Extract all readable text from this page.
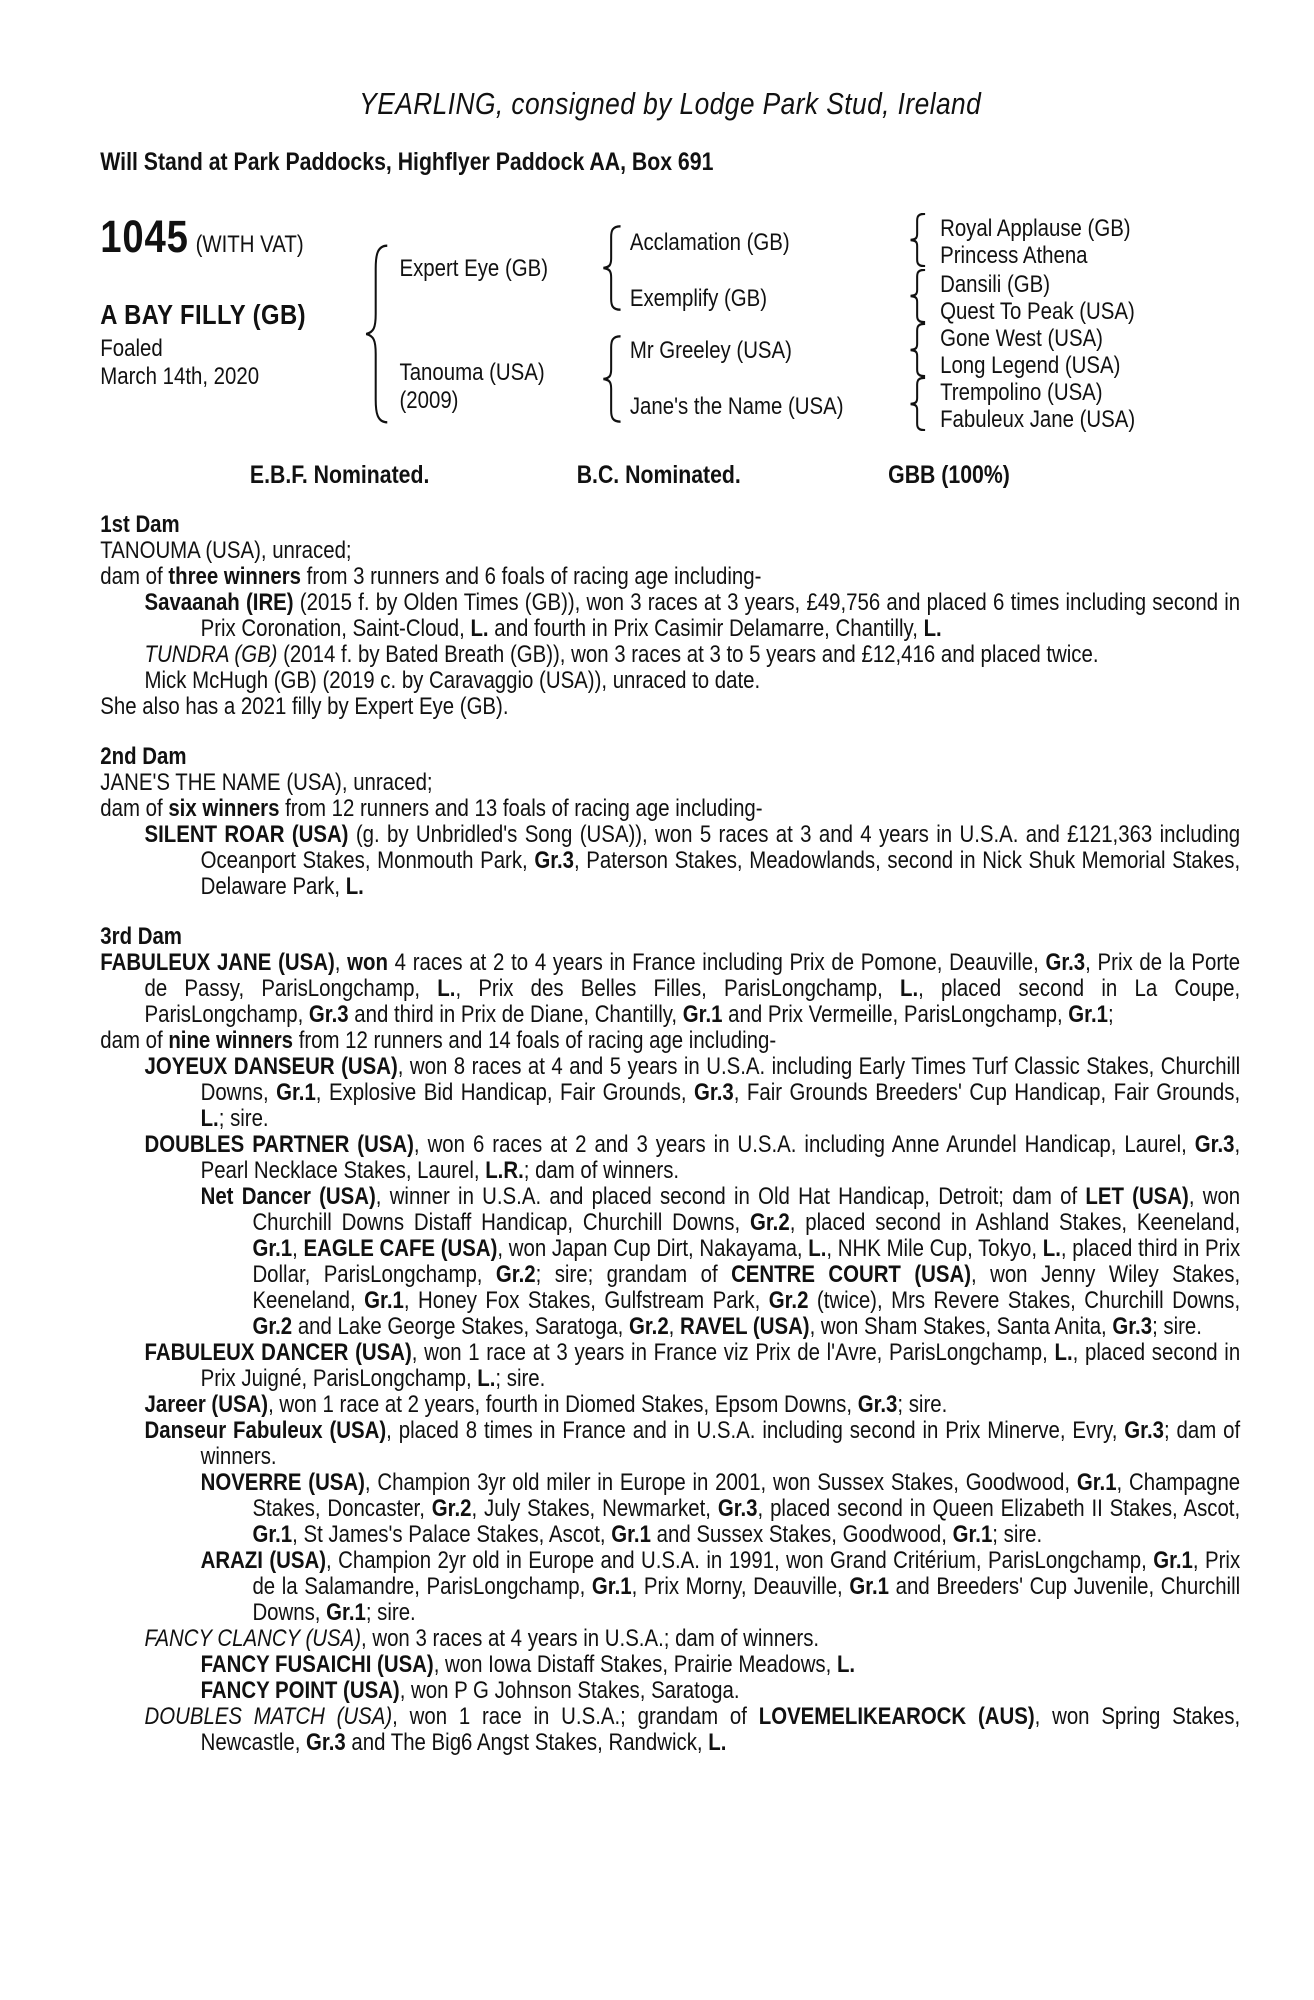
YEARLING, consigned by Lodge Park Stud, Ireland
Will Stand at Park Paddocks, Highflyer Paddock AA, Box 691
1045 (WITH VAT)
A BAY FILLY (GB)
Foaled
March 14th, 2020
Expert Eye (GB)
Tanouma (USA)
(2009)
Acclamation (GB)
Exemplify (GB)
Mr Greeley (USA)
Jane's the Name (USA)
Royal Applause (GB)
Princess Athena
Dansili (GB)
Quest To Peak (USA)
Gone West (USA)
Long Legend (USA)
Trempolino (USA)
Fabuleux Jane (USA)
E.B.F. Nominated.	B.C. Nominated.	GBB (100%)
1st Dam

TANOUMA (USA), unraced;

dam of three winners from 3 runners and 6 foals of racing age including-

Savaanah (IRE) (2015 f. by Olden Times (GB)), won 3 races at 3 years, £49,756 and placed 6 times including second in Prix Coronation, Saint-Cloud, L. and fourth in Prix Casimir Delamarre, Chantilly, L.

TUNDRA (GB) (2014 f. by Bated Breath (GB)), won 3 races at 3 to 5 years and £12,416 and placed twice.

Mick McHugh (GB) (2019 c. by Caravaggio (USA)), unraced to date.

She also has a 2021 filly by Expert Eye (GB).

2nd Dam

JANE'S THE NAME (USA), unraced;

dam of six winners from 12 runners and 13 foals of racing age including-

SILENT ROAR (USA) (g. by Unbridled's Song (USA)), won 5 races at 3 and 4 years in U.S.A. and £121,363 including Oceanport Stakes, Monmouth Park, Gr.3, Paterson Stakes, Meadowlands, second in Nick Shuk Memorial Stakes, Delaware Park, L.

3rd Dam

FABULEUX JANE (USA), won 4 races at 2 to 4 years in France including Prix de Pomone, Deauville, Gr.3, Prix de la Porte de Passy, ParisLongchamp, L., Prix des Belles Filles, ParisLongchamp, L., placed second in La Coupe, ParisLongchamp, Gr.3 and third in Prix de Diane, Chantilly, Gr.1 and Prix Vermeille, ParisLongchamp, Gr.1;

dam of nine winners from 12 runners and 14 foals of racing age including-

JOYEUX DANSEUR (USA), won 8 races at 4 and 5 years in U.S.A. including Early Times Turf Classic Stakes, Churchill Downs, Gr.1, Explosive Bid Handicap, Fair Grounds, Gr.3, Fair Grounds Breeders' Cup Handicap, Fair Grounds, L.; sire.

DOUBLES PARTNER (USA), won 6 races at 2 and 3 years in U.S.A. including Anne Arundel Handicap, Laurel, Gr.3, Pearl Necklace Stakes, Laurel, L.R.; dam of winners.

Net Dancer (USA), winner in U.S.A. and placed second in Old Hat Handicap, Detroit; dam of LET (USA), won Churchill Downs Distaff Handicap, Churchill Downs, Gr.2, placed second in Ashland Stakes, Keeneland, Gr.1, EAGLE CAFE (USA), won Japan Cup Dirt, Nakayama, L., NHK Mile Cup, Tokyo, L., placed third in Prix Dollar, ParisLongchamp, Gr.2; sire; grandam of CENTRE COURT (USA), won Jenny Wiley Stakes, Keeneland, Gr.1, Honey Fox Stakes, Gulfstream Park, Gr.2 (twice), Mrs Revere Stakes, Churchill Downs, Gr.2 and Lake George Stakes, Saratoga, Gr.2, RAVEL (USA), won Sham Stakes, Santa Anita, Gr.3; sire.

FABULEUX DANCER (USA), won 1 race at 3 years in France viz Prix de l'Avre, ParisLongchamp, L., placed second in Prix Juigné, ParisLongchamp, L.; sire.

Jareer (USA), won 1 race at 2 years, fourth in Diomed Stakes, Epsom Downs, Gr.3; sire.

Danseur Fabuleux (USA), placed 8 times in France and in U.S.A. including second in Prix Minerve, Evry, Gr.3; dam of winners.

NOVERRE (USA), Champion 3yr old miler in Europe in 2001, won Sussex Stakes, Goodwood, Gr.1, Champagne Stakes, Doncaster, Gr.2, July Stakes, Newmarket, Gr.3, placed second in Queen Elizabeth II Stakes, Ascot, Gr.1, St James's Palace Stakes, Ascot, Gr.1 and Sussex Stakes, Goodwood, Gr.1; sire.

ARAZI (USA), Champion 2yr old in Europe and U.S.A. in 1991, won Grand Critérium, ParisLongchamp, Gr.1, Prix de la Salamandre, ParisLongchamp, Gr.1, Prix Morny, Deauville, Gr.1 and Breeders' Cup Juvenile, Churchill Downs, Gr.1; sire.

FANCY CLANCY (USA), won 3 races at 4 years in U.S.A.; dam of winners.

FANCY FUSAICHI (USA), won Iowa Distaff Stakes, Prairie Meadows, L.

FANCY POINT (USA), won P G Johnson Stakes, Saratoga.

DOUBLES MATCH (USA), won 1 race in U.S.A.; grandam of LOVEMELIKEAROCK (AUS), won Spring Stakes, Newcastle, Gr.3 and The Big6 Angst Stakes, Randwick, L.
